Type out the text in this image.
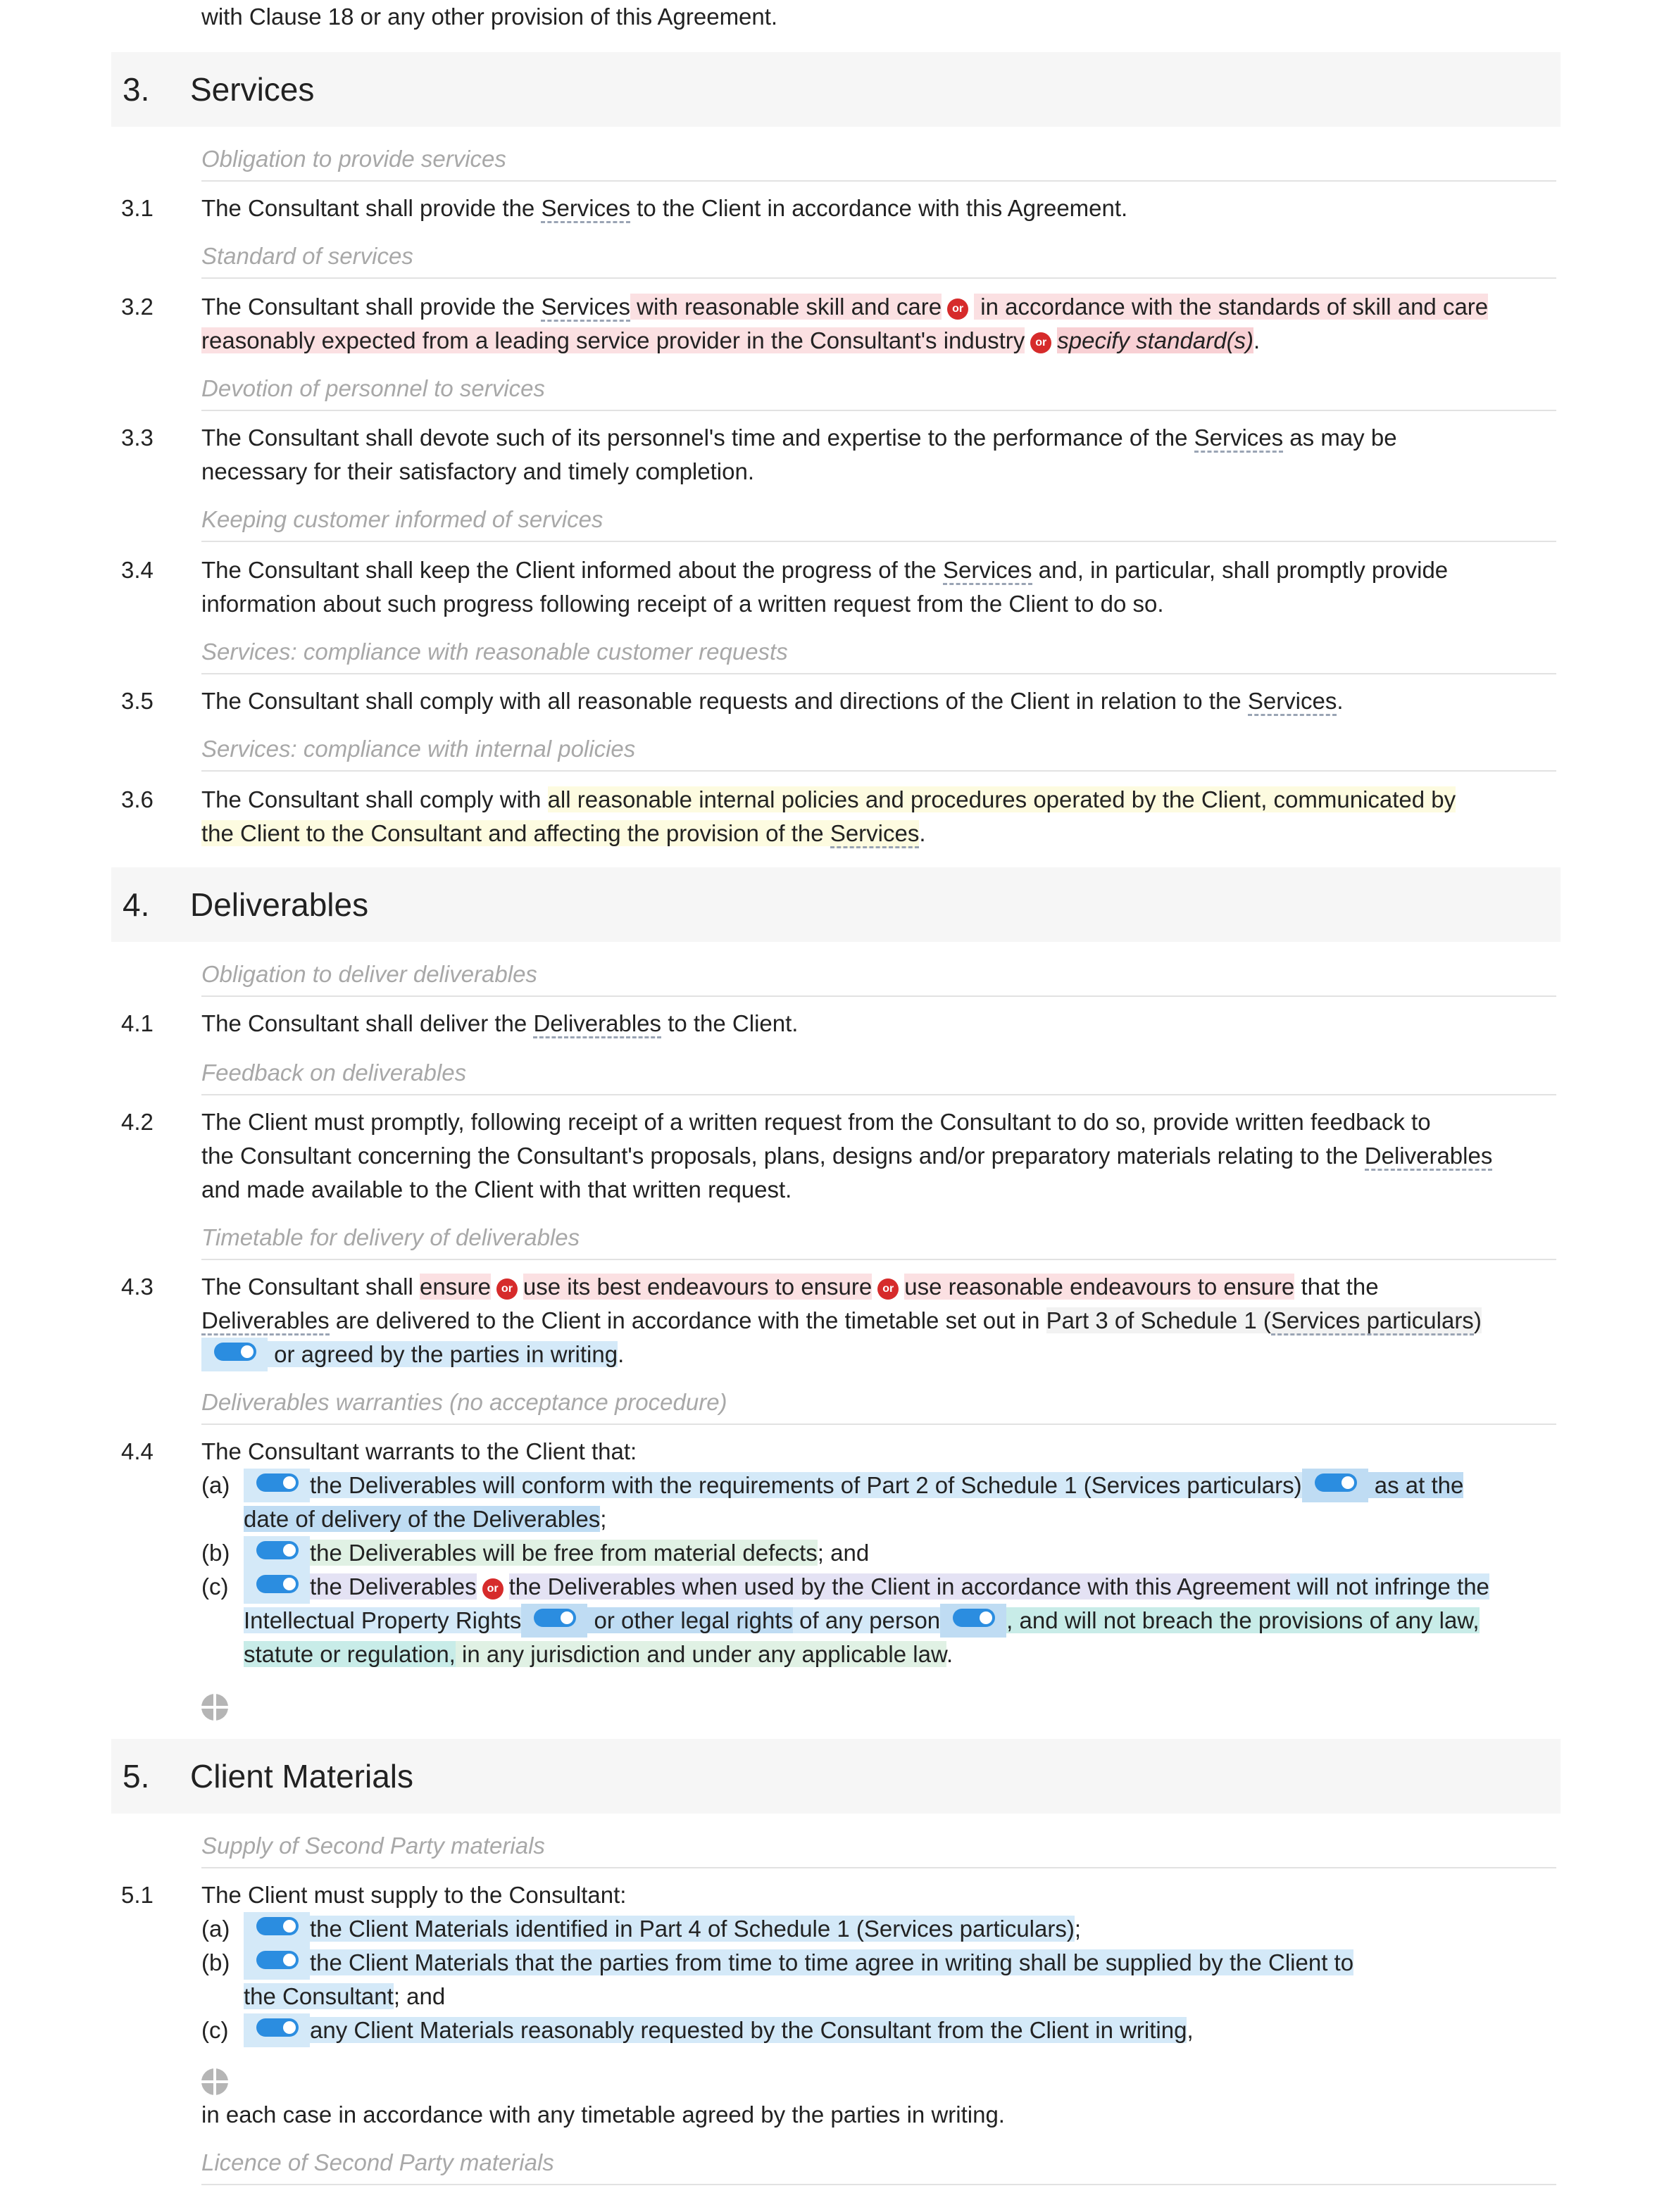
with Clause 18 or any other provision of this Agreement.
3. Services
Obligation to provide services
3.1 The Consultant shall provide the Services to the Client in accordance with this Agreement.
Standard of services
3.2 The Consultant shall provide the Services with reasonable skill and care or in accordance with the standards of skill and care
reasonably expected from a leading service provider in the Consultant's industry or specify standard(s).
Devotion of personnel to services
3.3 The Consultant shall devote such of its personnel's time and expertise to the performance of the Services as may be
necessary for their satisfactory and timely completion.
Keeping customer informed of services
3.4 The Consultant shall keep the Client informed about the progress of the Services and, in particular, shall promptly provide
information about such progress following receipt of a written request from the Client to do so.
Services: compliance with reasonable customer requests
3.5 The Consultant shall comply with all reasonable requests and directions of the Client in relation to the Services.
Services: compliance with internal policies
3.6 The Consultant shall comply with all reasonable internal policies and procedures operated by the Client, communicated by
the Client to the Consultant and affecting the provision of the Services.
4. Deliverables
Obligation to deliver deliverables
4.1 The Consultant shall deliver the Deliverables to the Client.
Feedback on deliverables
4.2 The Client must promptly, following receipt of a written request from the Consultant to do so, provide written feedback to
the Consultant concerning the Consultant's proposals, plans, designs and/or preparatory materials relating to the Deliverables
and made available to the Client with that written request.
Timetable for delivery of deliverables
4.3 The Consultant shall ensure or use its best endeavours to ensure or use reasonable endeavours to ensure that the
Deliverables are delivered to the Client in accordance with the timetable set out in Part 3 of Schedule 1 (Services particulars)
or agreed by the parties in writing.
Deliverables warranties (no acceptance procedure)
4.4 The Consultant warrants to the Client that:
(a)	the Deliverables will conform with the requirements of Part 2 of Schedule 1 (Services particulars)	as at the
date of delivery of the Deliverables;
(b)	the Deliverables will be free from material defects; and
(c)	the Deliverables or the Deliverables when used by the Client in accordance with this Agreement will not infringe the
Intellectual Property Rights	or other legal rights of any person	, and will not breach the provisions of any law,
statute or regulation, in any jurisdiction and under any applicable law.
5. Client Materials
Supply of Second Party materials
5.1 The Client must supply to the Consultant:
(a)	the Client Materials identified in Part 4 of Schedule 1 (Services particulars);
(b)	the Client Materials that the parties from time to time agree in writing shall be supplied by the Client to
the Consultant; and
(c)	any Client Materials reasonably requested by the Consultant from the Client in writing,
in each case in accordance with any timetable agreed by the parties in writing.
Licence of Second Party materials
